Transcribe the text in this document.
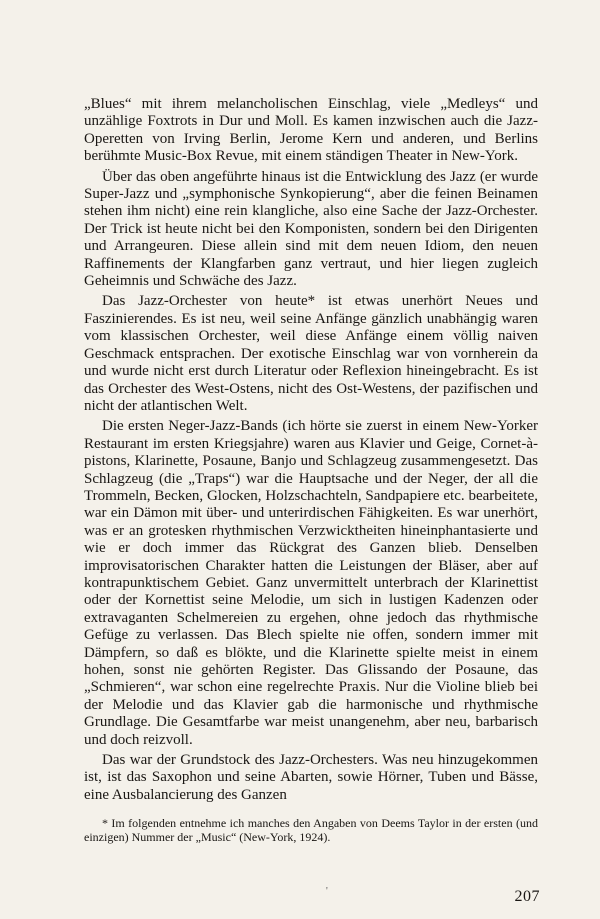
„Blues“ mit ihrem melancholischen Einschlag, viele „Medleys“ und unzählige Foxtrots in Dur und Moll. Es kamen inzwischen auch die Jazz-Operetten von Irving Berlin, Jerome Kern und anderen, und Berlins berühmte Music-Box Revue, mit einem ständigen Theater in New-York.

Über das oben angeführte hinaus ist die Entwicklung des Jazz (er wurde Super-Jazz und „symphonische Synkopierung“, aber die feinen Beinamen stehen ihm nicht) eine rein klangliche, also eine Sache der Jazz-Orchester. Der Trick ist heute nicht bei den Komponisten, sondern bei den Dirigenten und Arrangeuren. Diese allein sind mit dem neuen Idiom, den neuen Raffinements der Klangfarben ganz vertraut, und hier liegen zugleich Geheimnis und Schwäche des Jazz.

Das Jazz-Orchester von heute* ist etwas unerhört Neues und Faszinierendes. Es ist neu, weil seine Anfänge gänzlich unabhängig waren vom klassischen Orchester, weil diese Anfänge einem völlig naiven Geschmack entsprachen. Der exotische Einschlag war von vornherein da und wurde nicht erst durch Literatur oder Reflexion hineingebracht. Es ist das Orchester des West-Ostens, nicht des Ost-Westens, der pazifischen und nicht der atlantischen Welt.

Die ersten Neger-Jazz-Bands (ich hörte sie zuerst in einem New-Yorker Restaurant im ersten Kriegsjahre) waren aus Klavier und Geige, Cornet-à-pistons, Klarinette, Posaune, Banjo und Schlagzeug zusammengesetzt. Das Schlagzeug (die „Traps“) war die Hauptsache und der Neger, der all die Trommeln, Becken, Glocken, Holzschachteln, Sandpapiere etc. bearbeitete, war ein Dämon mit über- und unterirdischen Fähigkeiten. Es war unerhört, was er an grotesken rhythmischen Verzwicktheiten hineinphantasierte und wie er doch immer das Rückgrat des Ganzen blieb. Denselben improvisatorischen Charakter hatten die Leistungen der Bläser, aber auf kontrapunktischem Gebiet. Ganz unvermittelt unterbrach der Klarinettist oder der Kornettist seine Melodie, um sich in lustigen Kadenzen oder extravaganten Schelmereien zu ergehen, ohne jedoch das rhythmische Gefüge zu verlassen. Das Blech spielte nie offen, sondern immer mit Dämpfern, so daß es blökte, und die Klarinette spielte meist in einem hohen, sonst nie gehörten Register. Das Glissando der Posaune, das „Schmieren“, war schon eine regelrechte Praxis. Nur die Violine blieb bei der Melodie und das Klavier gab die harmonische und rhythmische Grundlage. Die Gesamtfarbe war meist unangenehm, aber neu, barbarisch und doch reizvoll.

Das war der Grundstock des Jazz-Orchesters. Was neu hinzugekommen ist, ist das Saxophon und seine Abarten, sowie Hörner, Tuben und Bässe, eine Ausbalancierung des Ganzen

* Im folgenden entnehme ich manches den Angaben von Deems Taylor in der ersten (und einzigen) Nummer der „Music“ (New-York, 1924).

'	207
